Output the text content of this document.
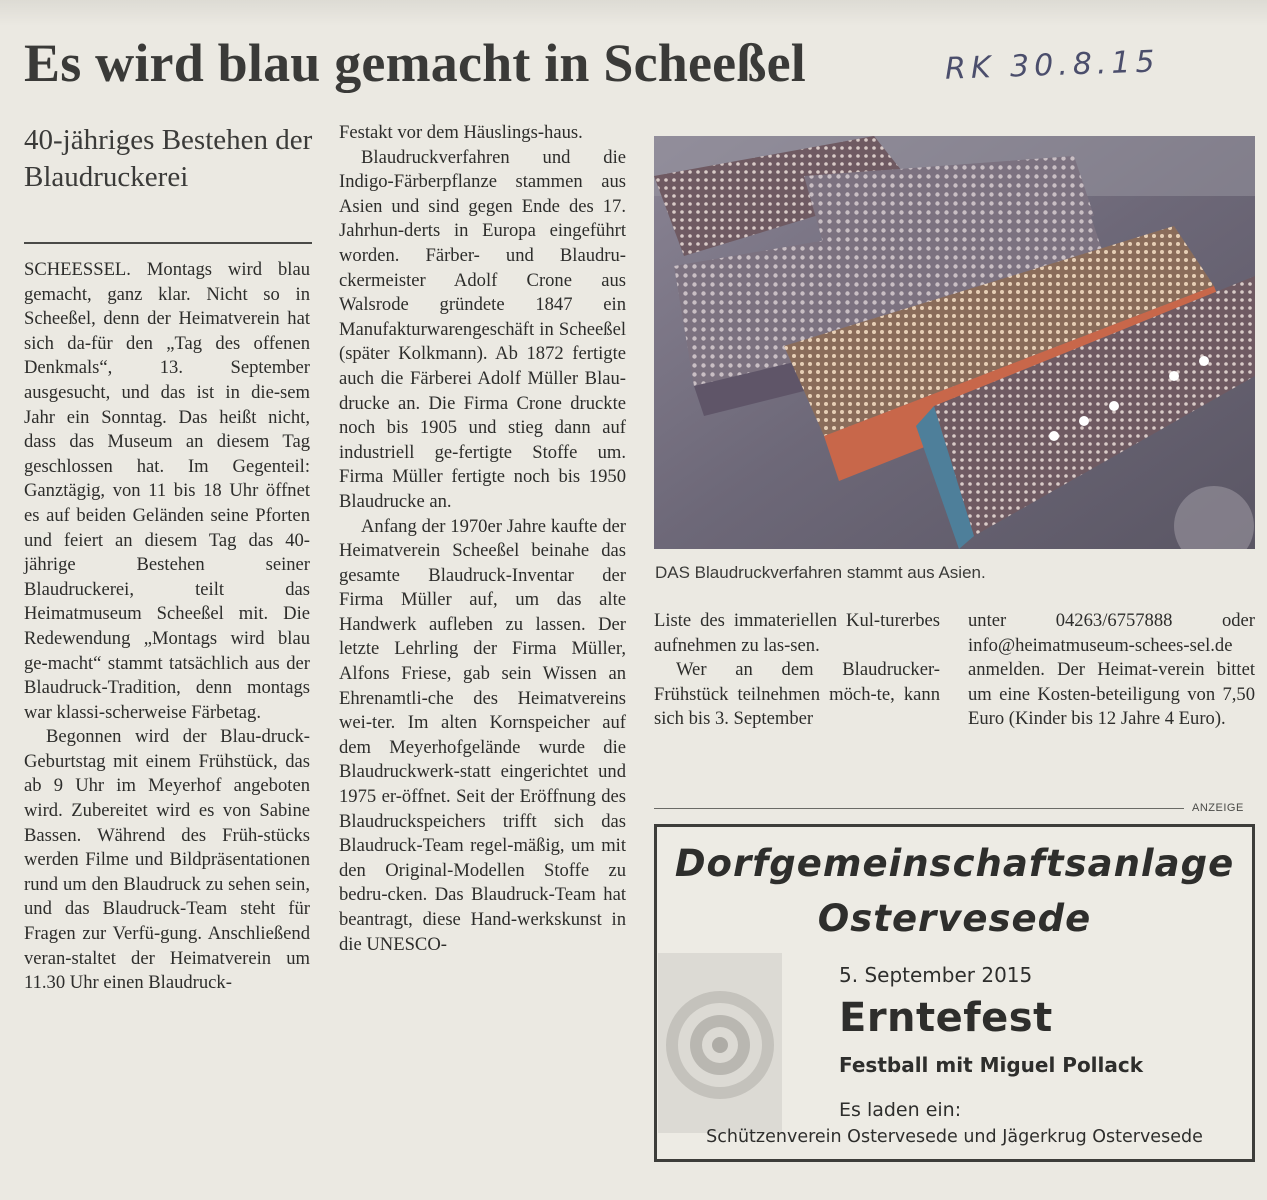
Es wird blau gemacht in Scheeßel	RK 30.8.15
40-jähriges Bestehen der Blaudruckerei

SCHEESSEL. Montags wird blau gemacht, ganz klar. Nicht so in Scheeßel, denn der Heimatverein hat sich da-für den „Tag des offenen Denkmals“, 13. September ausgesucht, und das ist in die-sem Jahr ein Sonntag. Das heißt nicht, dass das Museum an diesem Tag geschlossen hat. Im Gegenteil: Ganztägig, von 11 bis 18 Uhr öffnet es auf beiden Geländen seine Pforten und feiert an diesem Tag das 40-jährige Bestehen seiner Blaudruckerei, teilt das Heimatmuseum Scheeßel mit. Die Redewendung „Montags wird blau ge-macht“ stammt tatsächlich aus der Blaudruck-Tradition, denn montags war klassi-scherweise Färbetag.

Begonnen wird der Blau-druck-Geburtstag mit einem Frühstück, das ab 9 Uhr im Meyerhof angeboten wird. Zubereitet wird es von Sabine Bassen. Während des Früh-stücks werden Filme und Bildpräsentationen rund um den Blaudruck zu sehen sein, und das Blaudruck-Team steht für Fragen zur Verfü-gung. Anschließend veran-staltet der Heimatverein um 11.30 Uhr einen Blaudruck-

Festakt vor dem Häuslings-haus.

Blaudruckverfahren und die Indigo-Färberpflanze stammen aus Asien und sind gegen Ende des 17. Jahrhun-derts in Europa eingeführt worden. Färber- und Blaudru-ckermeister Adolf Crone aus Walsrode gründete 1847 ein Manufakturwarengeschäft in Scheeßel (später Kolkmann). Ab 1872 fertigte auch die Färberei Adolf Müller Blau-drucke an. Die Firma Crone druckte noch bis 1905 und stieg dann auf industriell ge-fertigte Stoffe um. Firma Müller fertigte noch bis 1950 Blaudrucke an.

Anfang der 1970er Jahre kaufte der Heimatverein Scheeßel beinahe das gesamte Blaudruck-Inventar der Firma Müller auf, um das alte Handwerk aufleben zu lassen. Der letzte Lehrling der Firma Müller, Alfons Friese, gab sein Wissen an Ehrenamtli-che des Heimatvereins wei-ter. Im alten Kornspeicher auf dem Meyerhofgelände wurde die Blaudruckwerk-statt eingerichtet und 1975 er-öffnet. Seit der Eröffnung des Blaudruckspeichers trifft sich das Blaudruck-Team regel-mäßig, um mit den Original-Modellen Stoffe zu bedru-cken. Das Blaudruck-Team hat beantragt, diese Hand-werkskunst in die UNESCO-

DAS Blaudruckverfahren stammt aus Asien.

Liste des immateriellen Kul-turerbes aufnehmen zu las-sen.

Wer an dem Blaudrucker-Frühstück teilnehmen möch-te, kann sich bis 3. September

unter 04263/6757888 oder info@heimatmuseum-schees-sel.de anmelden. Der Heimat-verein bittet um eine Kosten-beteiligung von 7,50 Euro (Kinder bis 12 Jahre 4 Euro).

ANZEIGE
Dorfgemeinschaftsanlage
Ostervesede
5. September 2015
Erntefest
Festball mit Miguel Pollack
Es laden ein:
Schützenverein Ostervesede und Jägerkrug Ostervesede
